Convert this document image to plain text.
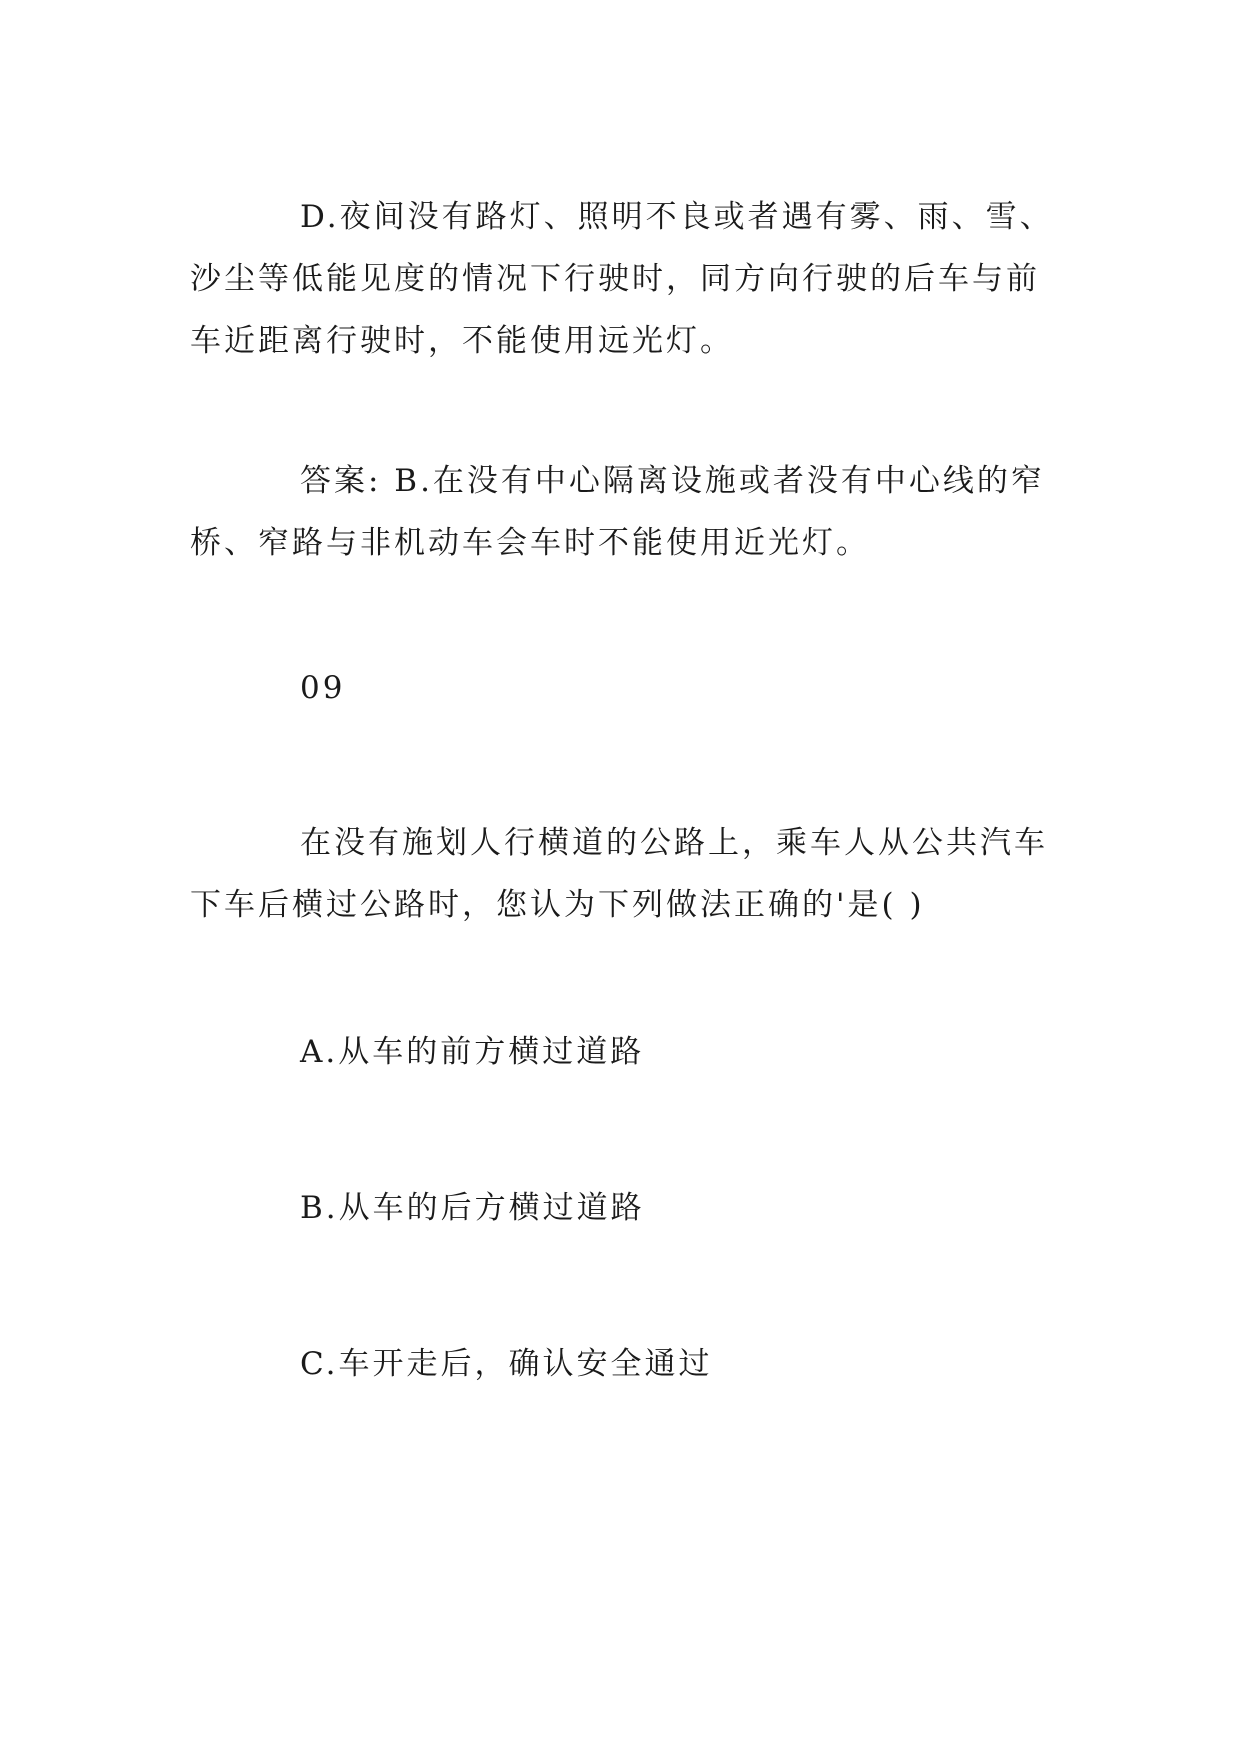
D.夜间没有路灯、照明不良或者遇有雾、雨、雪、沙尘等低能见度的情况下行驶时，同方向行驶的后车与前车近距离行驶时，不能使用远光灯。

答案: B.在没有中心隔离设施或者没有中心线的窄桥、窄路与非机动车会车时不能使用近光灯。

09

在没有施划人行横道的公路上，乘车人从公共汽车下车后横过公路时，您认为下列做法正确的'是( )

A.从车的前方横过道路

B.从车的后方横过道路

C.车开走后，确认安全通过
